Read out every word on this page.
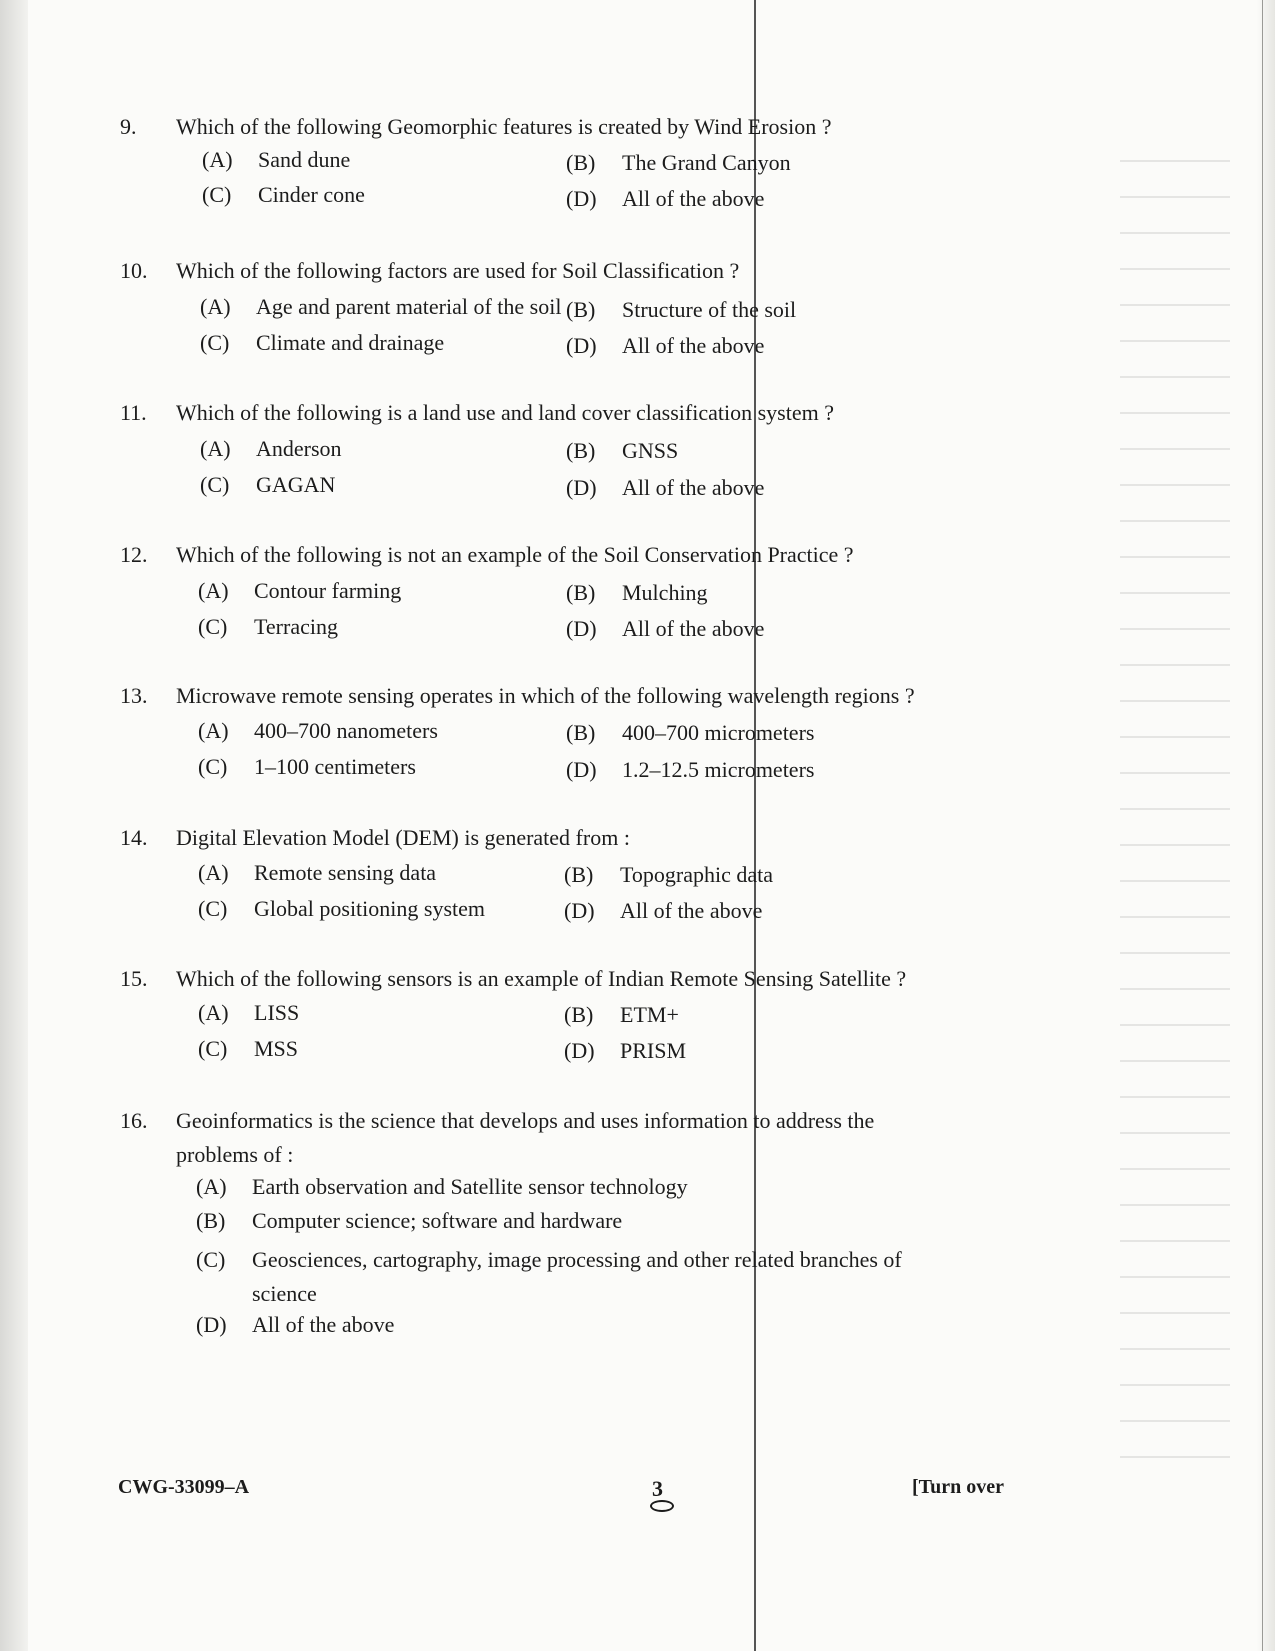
9.	Which of the following Geomorphic features is created by Wind Erosion ?
(A) Sand dune	(B) The Grand Canyon
(C) Cinder cone	(D) All of the above
10.	Which of the following factors are used for Soil Classification ?
(A) Age and parent material of the soil (B) Structure of the soil
(C) Climate and drainage	(D) All of the above
11.	Which of the following is a land use and land cover classification system ?
(A) Anderson	(B) GNSS
(C) GAGAN	(D) All of the above
12.	Which of the following is not an example of the Soil Conservation Practice ?
(A) Contour farming	(B) Mulching
(C) Terracing	(D) All of the above
13.	Microwave remote sensing operates in which of the following wavelength regions ?
(A) 400–700 nanometers	(B) 400–700 micrometers
(C) 1–100 centimeters	(D) 1.2–12.5 micrometers
14.	Digital Elevation Model (DEM) is generated from :
(A) Remote sensing data	(B) Topographic data
(C) Global positioning system	(D) All of the above
15.	Which of the following sensors is an example of Indian Remote Sensing Satellite ?
(A) LISS	(B) ETM+
(C) MSS	(D) PRISM
16.	Geoinformatics is the science that develops and uses information to address the problems of :
(A) Earth observation and Satellite sensor technology
(B) Computer science; software and hardware
(C)	Geosciences, cartography, image processing and other related branches of science
(D) All of the above
CWG-33099–A	3	[Turn over
